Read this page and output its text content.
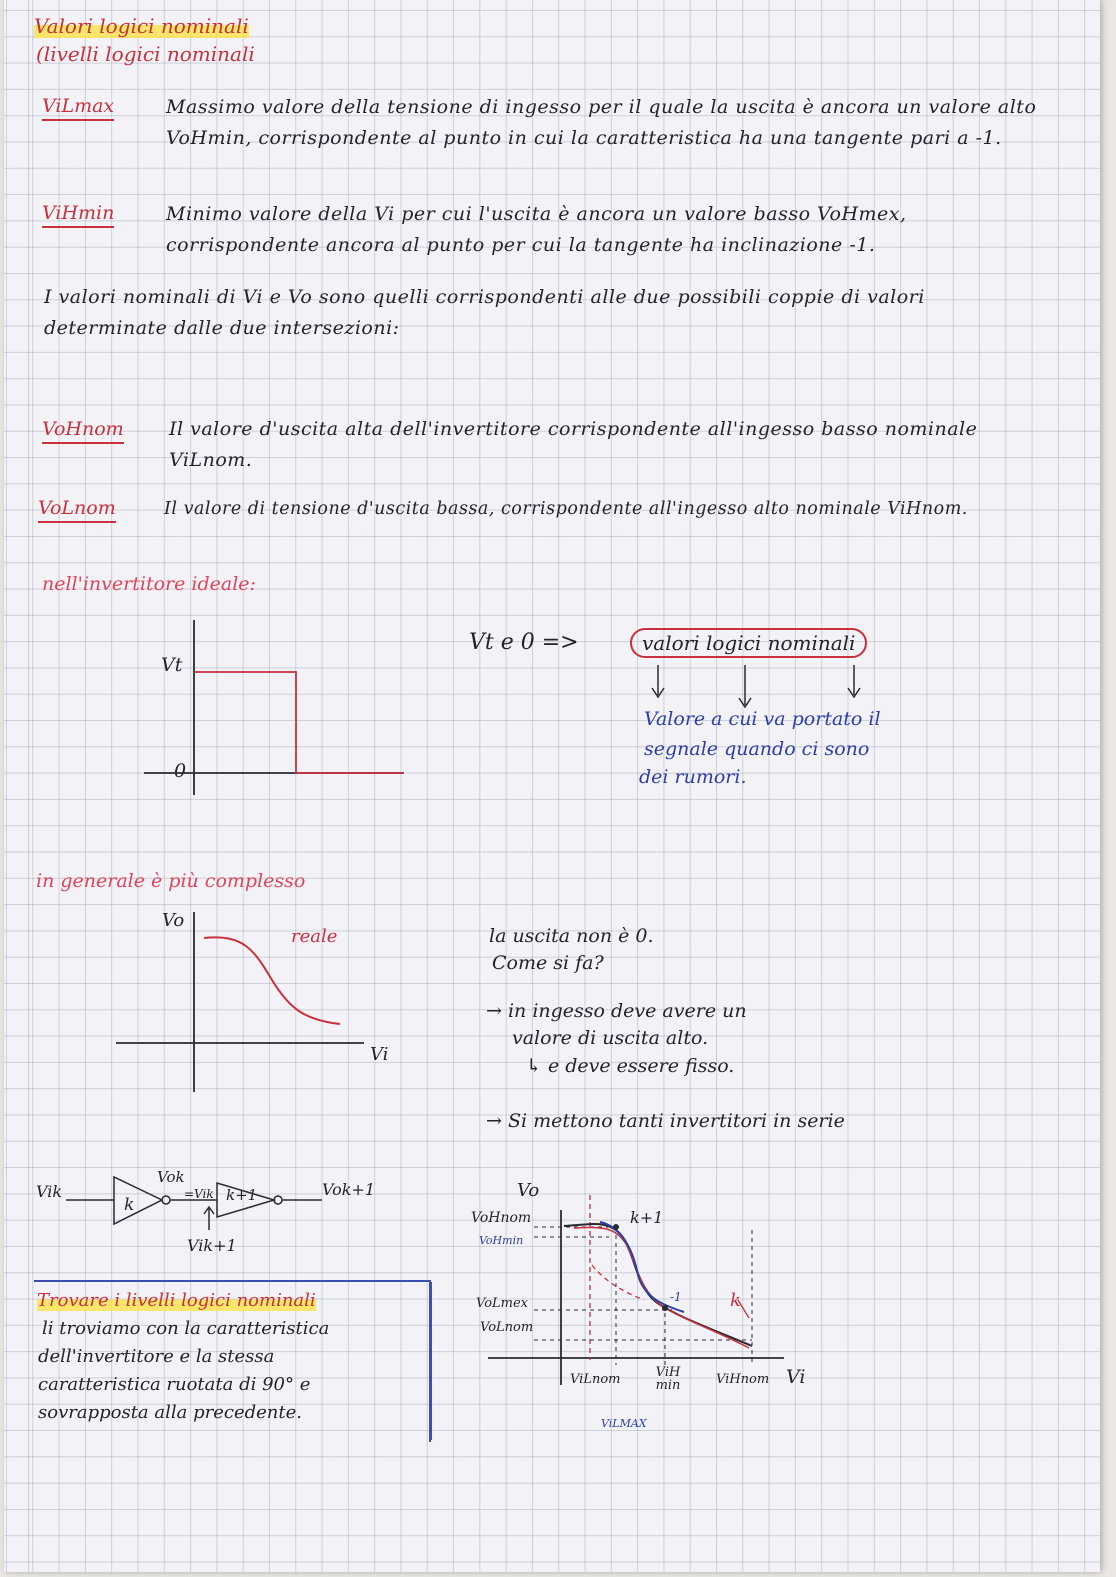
Valori logici nominali
(livelli logici nominali
ViLmax	Massimo valore della tensione di ingesso per il quale la uscita è ancora un valore alto VoHmin, corrispondente al punto in cui la caratteristica ha una tangente pari a -1.
ViHmin	Minimo valore della Vi per cui l'uscita è ancora un valore basso VoHmex, corrispondente ancora al punto per cui la tangente ha inclinazione -1.
I valori nominali di Vi e Vo sono quelli corrispondenti alle due possibili coppie di valori determinate dalle due intersezioni:
VoHnom Il valore d'uscita alta dell'invertitore corrispondente all'ingesso basso nominale ViLnom.
VoLnom	Il valore di tensione d'uscita bassa, corrispondente all'ingesso alto nominale ViHnom.
nell'invertitore ideale:
Vt
0
Vt e 0 =>	valori logici nominali
Valore a cui va portato il
segnale quando ci sono
dei rumori.
in generale è più complesso
Vo
Vi
reale	la uscita non è 0.
Come si fa?
→ in ingesso deve avere un
valore di uscita alto.
↳ e deve essere fisso.
→ Si mettono tanti invertitori in serie
Vik
k	k+1
Vok
=Vik	Vok+1
Vik+1
Trovare i livelli logici nominali
li troviamo con la caratteristica
dell'invertitore e la stessa
caratteristica ruotata di 90° e
sovrapposta alla precedente.
Vo
VoHnom
VoHmin
VoLmex
VoLnom
ViLnom	ViH min	ViHnom Vi
ViLMAX
k+1
-1	k
